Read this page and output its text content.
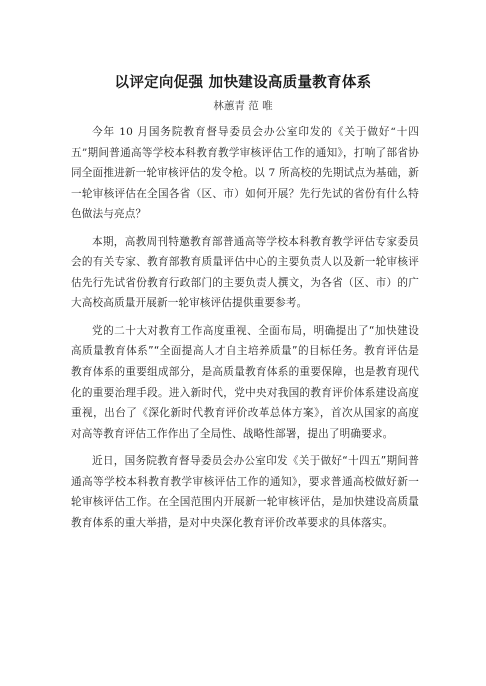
以评定向促强 加快建设高质量教育体系
林蕙青 范 唯

今年 10 月国务院教育督导委员会办公室印发的《关于做好“十四五”期间普通高等学校本科教育教学审核评估工作的通知》，打响了部省协同全面推进新一轮审核评估的发令枪。以 7 所高校的先期试点为基础，新一轮审核评估在全国各省（区、市）如何开展？先行先试的省份有什么特色做法与亮点？

本期，高教周刊特邀教育部普通高等学校本科教育教学评估专家委员会的有关专家、教育部教育质量评估中心的主要负责人以及新一轮审核评估先行先试省份教育行政部门的主要负责人撰文，为各省（区、市）的广大高校高质量开展新一轮审核评估提供重要参考。

党的二十大对教育工作高度重视、全面布局，明确提出了“加快建设高质量教育体系”“全面提高人才自主培养质量”的目标任务。教育评估是教育体系的重要组成部分，是高质量教育体系的重要保障，也是教育现代化的重要治理手段。进入新时代，党中央对我国的教育评价体系建设高度重视，出台了《深化新时代教育评价改革总体方案》，首次从国家的高度对高等教育评估工作作出了全局性、战略性部署，提出了明确要求。

近日，国务院教育督导委员会办公室印发《关于做好“十四五”期间普通高等学校本科教育教学审核评估工作的通知》，要求普通高校做好新一轮审核评估工作。在全国范围内开展新一轮审核评估，是加快建设高质量教育体系的重大举措，是对中央深化教育评价改革要求的具体落实。
